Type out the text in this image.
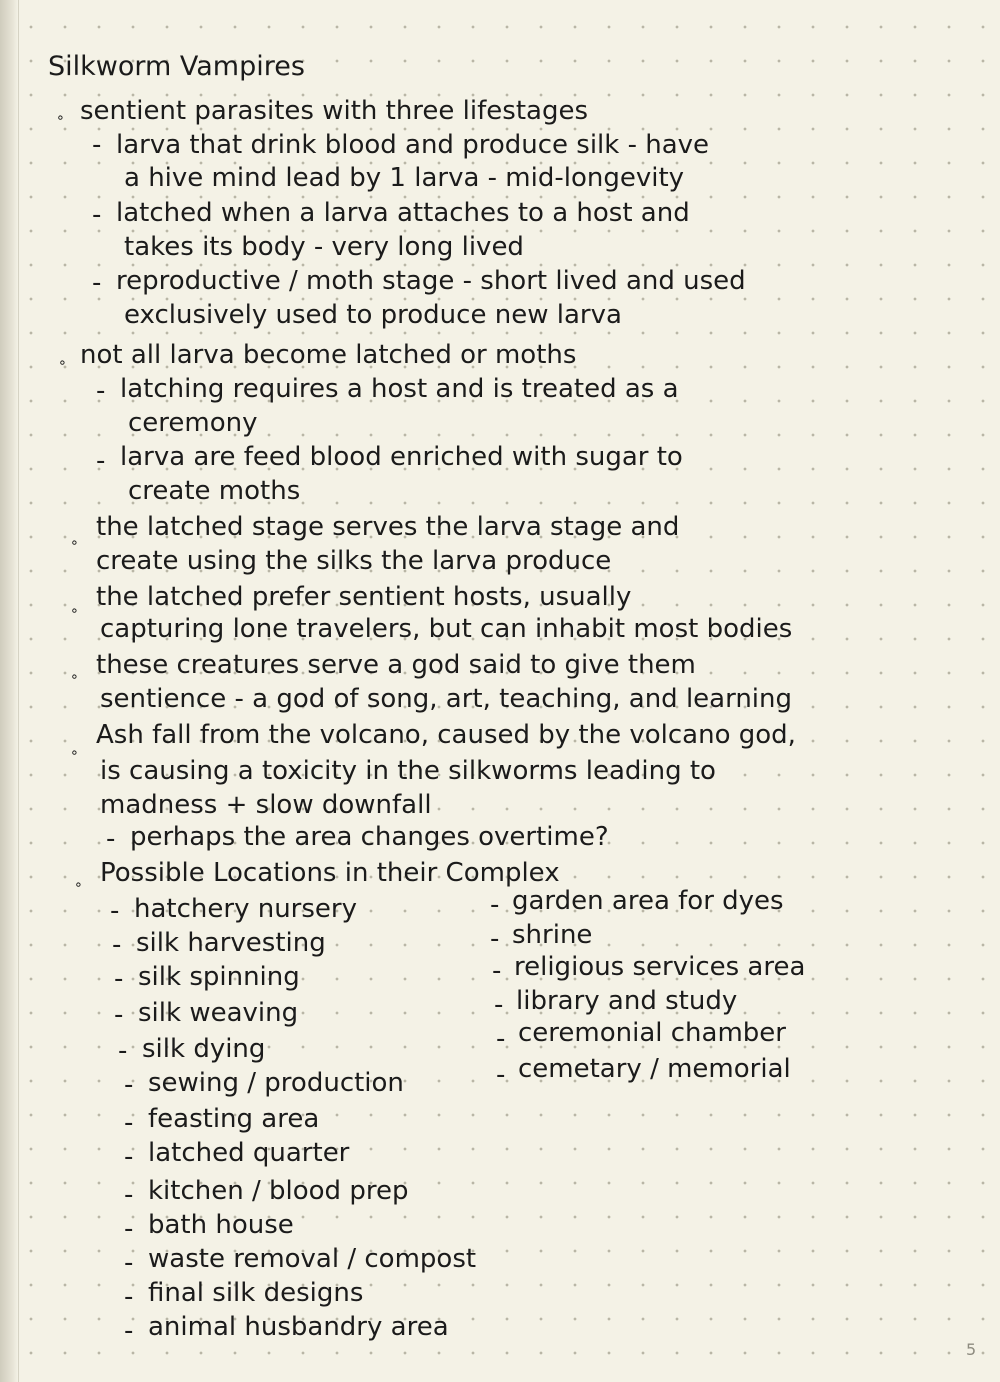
Silkworm Vampires
∘ sentient parasites with three lifestages
- larva that drink blood and produce silk - have
a hive mind lead by 1 larva - mid-longevity
- latched when a larva attaches to a host and
takes its body - very long lived
- reproductive / moth stage - short lived and used
exclusively used to produce new larva
∘ not all larva become latched or moths
- latching requires a host and is treated as a
ceremony
- larva are feed blood enriched with sugar to
create moths
∘
the latched stage serves the larva stage and
create using the silks the larva produce
∘ the latched prefer sentient hosts, usually
capturing lone travelers, but can inhabit most bodies
∘ these creatures serve a god said to give them
sentience - a god of song, art, teaching, and learning
∘
Ash fall from the volcano, caused by the volcano god,
is causing a toxicity in the silkworms leading to
madness + slow downfall
- perhaps the area changes overtime?
∘ Possible Locations in their Complex
- hatchery nursery
- silk harvesting
- silk spinning
- silk weaving
- silk dying
- sewing / production
- feasting area
- latched quarter
- kitchen / blood prep
- bath house
- waste removal / compost
- final silk designs
- animal husbandry area
- garden area for dyes
- shrine
- religious services area
- library and study
- ceremonial chamber
- cemetary / memorial
5
